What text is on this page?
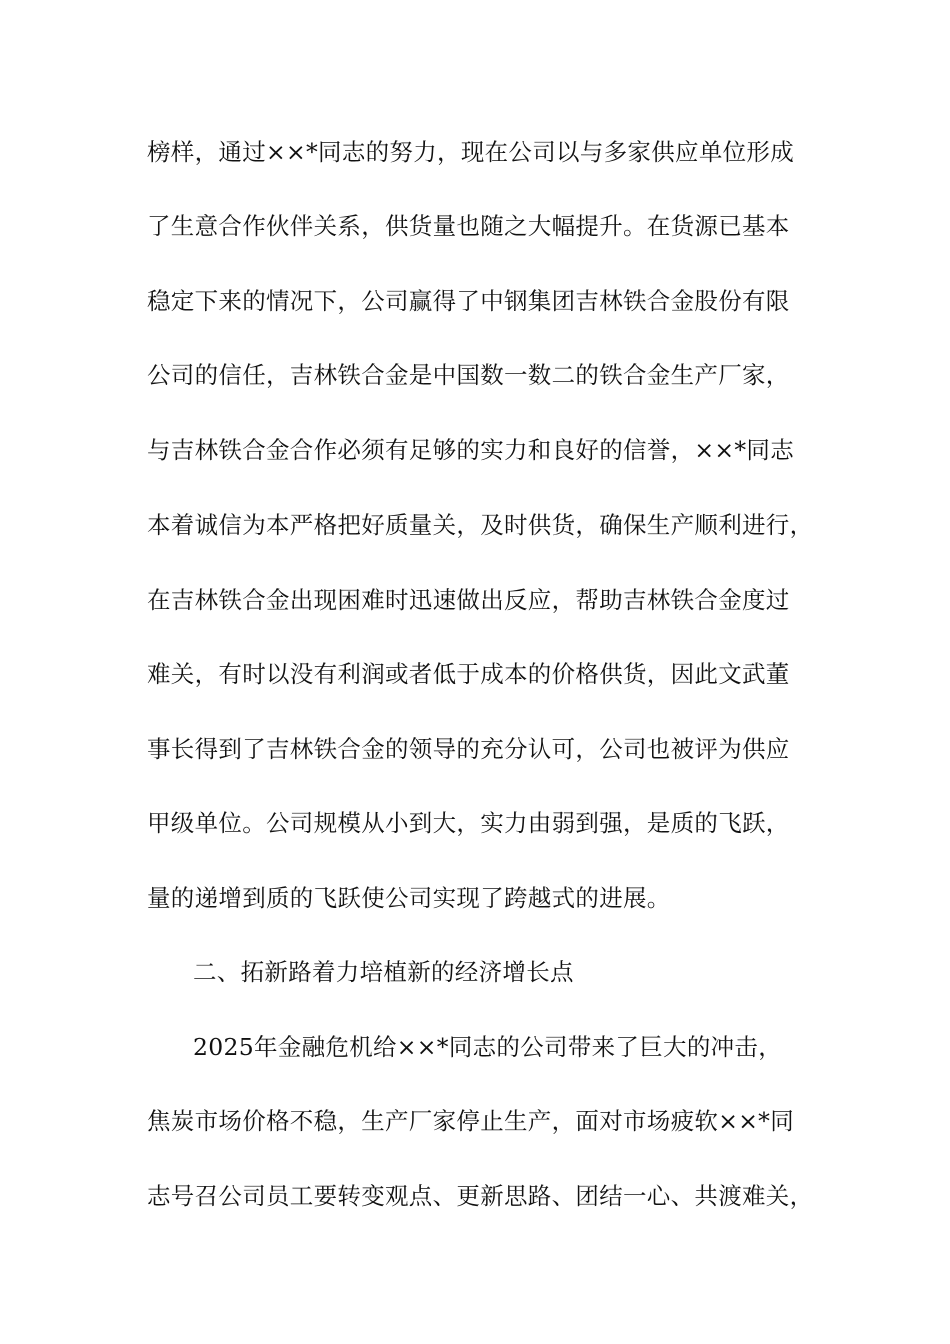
榜样，通过××*同志的努力，现在公司以与多家供应单位形成
了生意合作伙伴关系，供货量也随之大幅提升。在货源已基本
稳定下来的情况下，公司赢得了中钢集团吉林铁合金股份有限
公司的信任，吉林铁合金是中国数一数二的铁合金生产厂家，
与吉林铁合金合作必须有足够的实力和良好的信誉，××*同志
本着诚信为本严格把好质量关，及时供货，确保生产顺利进行，
在吉林铁合金出现困难时迅速做出反应，帮助吉林铁合金度过
难关，有时以没有利润或者低于成本的价格供货，因此文武董
事长得到了吉林铁合金的领导的充分认可，公司也被评为供应
甲级单位。公司规模从小到大，实力由弱到强，是质的飞跃，
量的递增到质的飞跃使公司实现了跨越式的进展。
二、拓新路着力培植新的经济增长点
2025年金融危机给××*同志的公司带来了巨大的冲击，
焦炭市场价格不稳，生产厂家停止生产，面对市场疲软××*同
志号召公司员工要转变观点、更新思路、团结一心、共渡难关，
